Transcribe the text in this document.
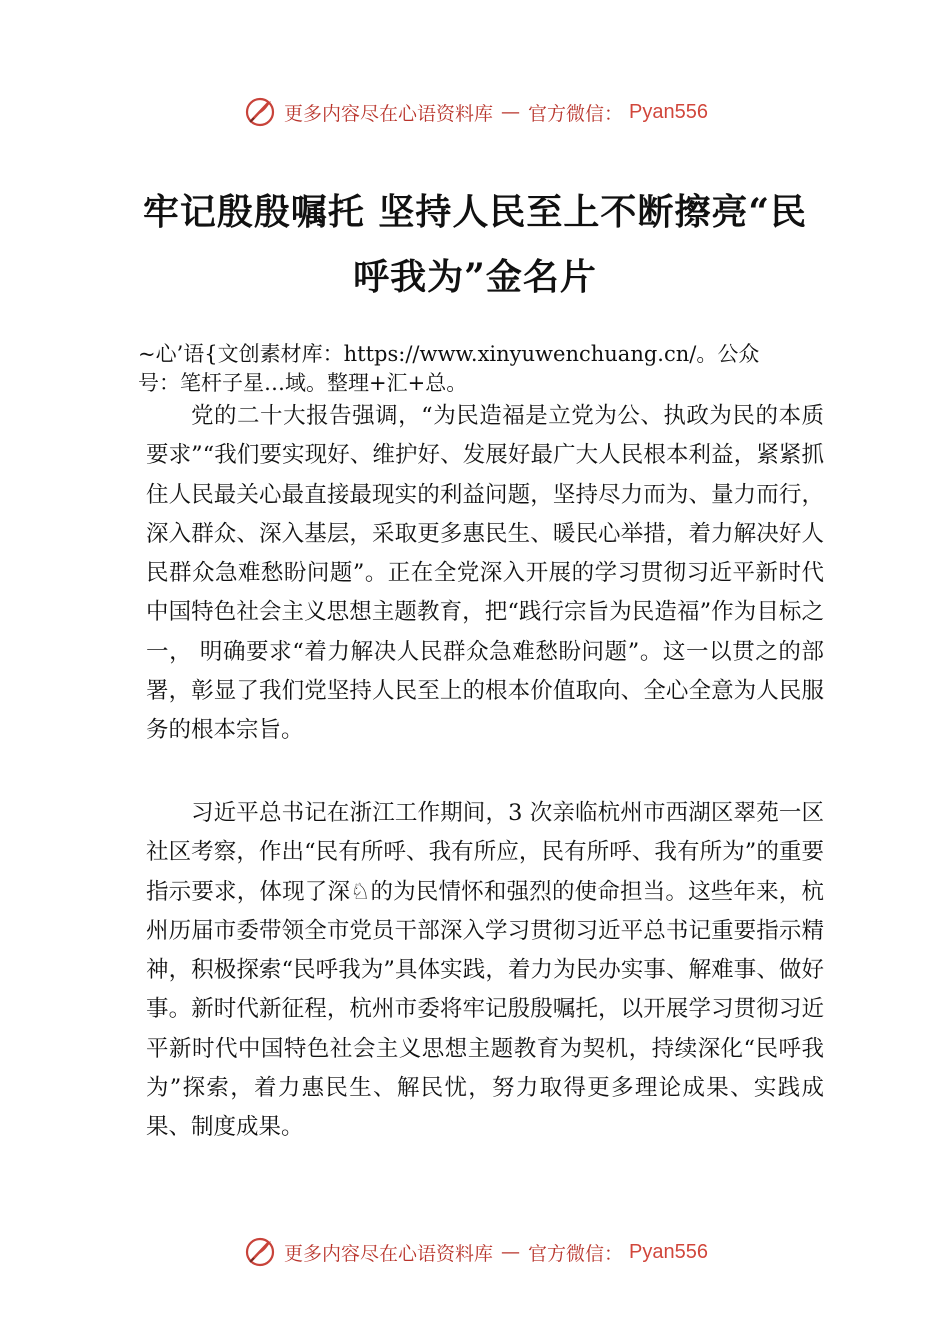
更多内容尽在心语资料库 — 官方微信： Pyan556
牢记殷殷嘱托 坚持人民至上不断擦亮“民
呼我为”金名片
~心’语{文创素材库：https://www.xinyuwenchuang.cn/。公众
号：笔杆子星…域。整理+汇+总。

党的二十大报告强调，“为民造福是立党为公、执政为民的本质要求”“我们要实现好、维护好、发展好最广大人民根本利益，紧紧抓住人民最关心最直接最现实的利益问题，坚持尽力而为、量力而行，深入群众、深入基层，采取更多惠民生、暖民心举措，着力解决好人民群众急难愁盼问题”。正在全党深入开展的学习贯彻习近平新时代中国特色社会主义思想主题教育，把“践行宗旨为民造福”作为目标之一， 明确要求“着力解决人民群众急难愁盼问题”。这一以贯之的部署，彰显了我们党坚持人民至上的根本价值取向、全心全意为人民服务的根本宗旨。

习近平总书记在浙江工作期间，3 次亲临杭州市西湖区翠苑一区社区考察，作出“民有所呼、我有所应，民有所呼、我有所为”的重要指示要求，体现了深♘的为民情怀和强烈的使命担当。这些年来，杭州历届市委带领全市党员干部深入学习贯彻习近平总书记重要指示精神，积极探索“民呼我为”具体实践，着力为民办实事、解难事、做好事。新时代新征程，杭州市委将牢记殷殷嘱托，以开展学习贯彻习近平新时代中国特色社会主义思想主题教育为契机，持续深化“民呼我为”探索，着力惠民生、解民忧，努力取得更多理论成果、实践成果、制度成果。

更多内容尽在心语资料库 — 官方微信： Pyan556
